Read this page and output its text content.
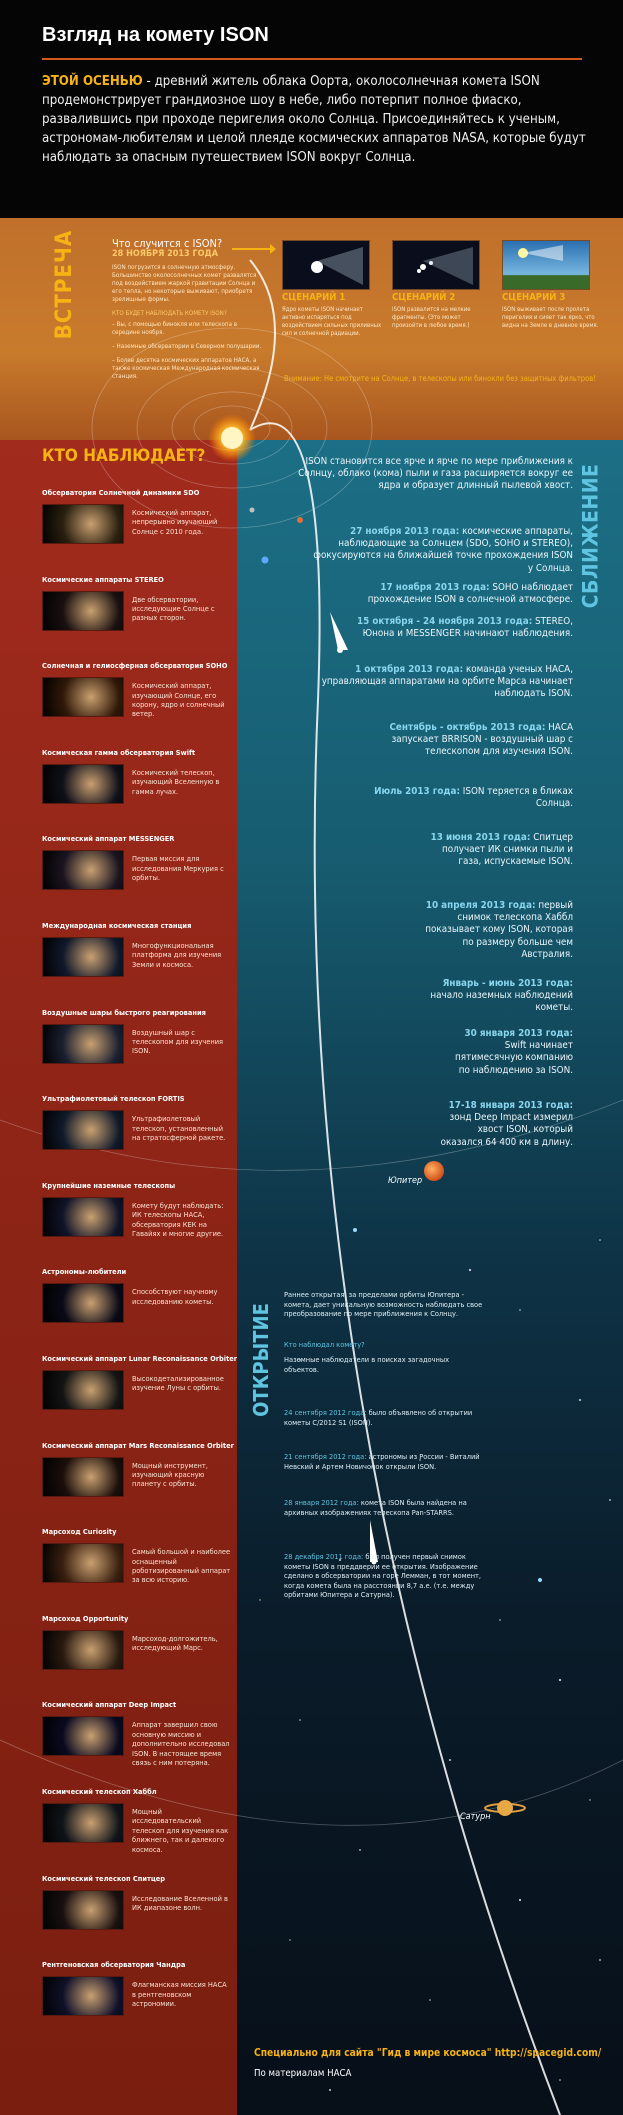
Взгляд на комету ISON
ЭТОЙ ОСЕНЬЮ - древний житель облака Оорта, околосолнечная комета ISON продемонстрирует грандиозное шоу в небе, либо потерпит полное фиаско, развалившись при проходе перигелия около Солнца. Присоединяйтесь к ученым, астрономам-любителям и целой плеяде космических аппаратов NASA, которые будут наблюдать за опасным путешествием ISON вокруг Солнца.
ВСТРЕЧА	Что случится с ISON?
28 НОЯБРЯ 2013 ГОДА

ISON погрузится в солнечную атмосферу. Большинство околосолнечных комет развалятся под воздействием жаркой гравитации Солнца и его тепла, но некоторые выживают, приобретя зрелищные формы.

КТО БУДЕТ НАБЛЮДАТЬ КОМЕТУ ISON?

– Вы, с помощью бинокля или телескопа в середине ноября.

– Наземные обсерватории в Северном полушарии.

– Более десятка космических аппаратов НАСА, а также космическая Международная космическая станция.

СЦЕНАРИЙ 1	СЦЕНАРИЙ 2	СЦЕНАРИЙ 3
Ядро кометы ISON начинает активно испаряться под воздействием сильных приливных сил и солнечной радиации.
ISON развалится на мелкие фрагменты. (Это может произойти в любое время.)
ISON выживает после пролета перигелия и сияет так ярко, что видна на Земле в дневное время.
Внимание: Не смотрите на Солнце, в телескопы или бинокли без защитных фильтров!
КТО НАБЛЮДАЕТ?
Обсерватория Солнечной динамики SDO
Космический аппарат, непрерывно изучающий Солнце с 2010 года.
Космические аппараты STEREO
Две обсерватории, исследующие Солнце с разных сторон.
Солнечная и гелиосферная обсерватория SOHO
Космический аппарат, изучающий Солнце, его корону, ядро и солнечный ветер.
Космическая гамма обсерватория Swift
Космический телескоп, изучающий Вселенную в гамма лучах.
Космический аппарат MESSENGER
Первая миссия для исследования Меркурия с орбиты.
Международная космическая станция
Многофункциональная платформа для изучения Земли и космоса.
Воздушные шары быстрого реагирования
Воздушный шар с телескопом для изучения ISON.
Ультрафиолетовый телескоп FORTIS
Ультрафиолетовый телескоп, установленный на стратосферной ракете.
Крупнейшие наземные телескопы
Комету будут наблюдать: ИК телескопы НАСА, обсерватория КЕК на Гавайях и многие другие.
Астрономы-любители
Способствуют научному исследованию кометы.
Космический аппарат Lunar Reconaissance Orbiter
Высокодетализированное изучение Луны с орбиты.
Космический аппарат Mars Reconaissance Orbiter
Мощный инструмент, изучающий красную планету с орбиты.
Марсоход Curiosity
Самый большой и наиболее оснащенный роботизированный аппарат за всю историю.
Марсоход Opportunity
Марсоход-долгожитель, исследующий Марс.
Космический аппарат Deep Impact
Аппарат завершил свою основную миссию и дополнительно исследовал ISON. В настоящее время связь с ним потеряна.
Космический телескоп Хаббл
Мощный исследовательский телескоп для изучения как ближнего, так и далекого космоса.
Космический телескоп Спитцер
Исследование Вселенной в ИК диапазоне волн.
Рентгеновская обсерватория Чандра
Флагманская миссия НАСА в рентгеновском астрономии.
СБЛИЖЕНИЕ
ОТКРЫТИЕ
ISON становится все ярче и ярче по мере приближения к Солнцу, облако (кома) пыли и газа расширяется вокруг ее ядра и образует длинный пылевой хвост.
27 ноября 2013 года: космические аппараты, наблюдающие за Солнцем (SDO, SOHO и STEREO), фокусируются на ближайшей точке прохождения ISON у Солнца.
17 ноября 2013 года: SOHO наблюдает прохождение ISON в солнечной атмосфере.
15 октября - 24 ноября 2013 года: STEREO, Юнона и MESSENGER начинают наблюдения.
1 октября 2013 года: команда ученых НАСА, управляющая аппаратами на орбите Марса начинает наблюдать ISON.
Сентябрь - октябрь 2013 года: НАСА запускает BRRISON - воздушный шар с телескопом для изучения ISON.
Июль 2013 года: ISON теряется в бликах Солнца.
13 июня 2013 года: Спитцер получает ИК снимки пыли и газа, испускаемые ISON.
10 апреля 2013 года: первый снимок телескопа Хаббл показывает кому ISON, которая по размеру больше чем Австралия.
Январь - июнь 2013 года: начало наземных наблюдений кометы.
30 января 2013 года: Swift начинает пятимесячную компанию по наблюдению за ISON.
17-18 января 2013 года: зонд Deep Impact измерил хвост ISON, который оказался 64 400 км в длину.
Раннее открытая, за пределами орбиты Юпитера - комета, дает уникальную возможность наблюдать свое преобразование по мере приближения к Солнцу.
Кто наблюдал комету?
Наземные наблюдатели в поисках загадочных объектов.
24 сентября 2012 года: было объявлено об открытии кометы C/2012 S1 (ISON).
21 сентября 2012 года: астрономы из России - Виталий Невский и Артем Новичонок открыли ISON.
28 января 2012 года: комета ISON была найдена на архивных изображениях телескопа Pan-STARRS.
28 декабря 2011 года: был получен первый снимок кометы ISON в преддверии ее открытия. Изображение сделано в обсерватории на горе Лемман, в тот момент, когда комета была на расстоянии 8,7 а.е. (т.е. между орбитами Юпитера и Сатурна).
Юпитер
Сатурн
Специально для сайта "Гид в мире космоса" http://spacegid.com/
По материалам НАСА
